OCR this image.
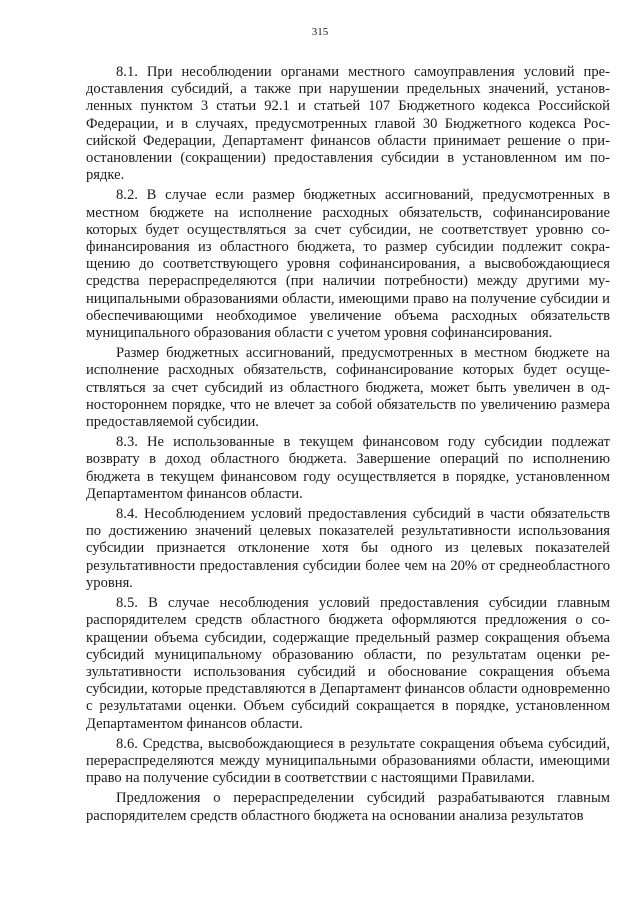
315

8.1. При несоблюдении органами местного самоуправления условий предоставления субсидий, а также при нарушении предельных значений, установленных пунктом 3 статьи 92.1 и статьей 107 Бюджетного кодекса Российской Федерации, и в случаях, предусмотренных главой 30 Бюджетного кодекса Российской Федерации, Департамент финансов области принимает решение о приостановлении (сокращении) предоставления субсидии в установленном им порядке.

8.2. В случае если размер бюджетных ассигнований, предусмотренных в местном бюджете на исполнение расходных обязательств, софинансирование которых будет осуществляться за счет субсидии, не соответствует уровню софинансирования из областного бюджета, то размер субсидии подлежит сокращению до соответствующего уровня софинансирования, а высвобождающиеся средства перераспределяются (при наличии потребности) между другими муниципальными образованиями области, имеющими право на получение субсидии и обеспечивающими необходимое увеличение объема расходных обязательств муниципального образования области с учетом уровня софинансирования.

Размер бюджетных ассигнований, предусмотренных в местном бюджете на исполнение расходных обязательств, софинансирование которых будет осуществляться за счет субсидий из областного бюджета, может быть увеличен в одностороннем порядке, что не влечет за собой обязательств по увеличению размера предоставляемой субсидии.

8.3. Не использованные в текущем финансовом году субсидии подлежат возврату в доход областного бюджета. Завершение операций по исполнению бюджета в текущем финансовом году осуществляется в порядке, установленном Департаментом финансов области.

8.4. Несоблюдением условий предоставления субсидий в части обязательств по достижению значений целевых показателей результативности использования субсидии признается отклонение хотя бы одного из целевых показателей результативности предоставления субсидии более чем на 20% от среднеобластного уровня.

8.5. В случае несоблюдения условий предоставления субсидии главным распорядителем средств областного бюджета оформляются предложения о сокращении объема субсидии, содержащие предельный размер сокращения объема субсидий муниципальному образованию области, по результатам оценки результативности использования субсидий и обоснование сокращения объема субсидии, которые представляются в Департамент финансов области одновременно с результатами оценки. Объем субсидий сокращается в порядке, установленном Департаментом финансов области.

8.6. Средства, высвобождающиеся в результате сокращения объема субсидий, перераспределяются между муниципальными образованиями области, имеющими право на получение субсидии в соответствии с настоящими Правилами.

Предложения о перераспределении субсидий разрабатываются главным распорядителем средств областного бюджета на основании анализа результатов
